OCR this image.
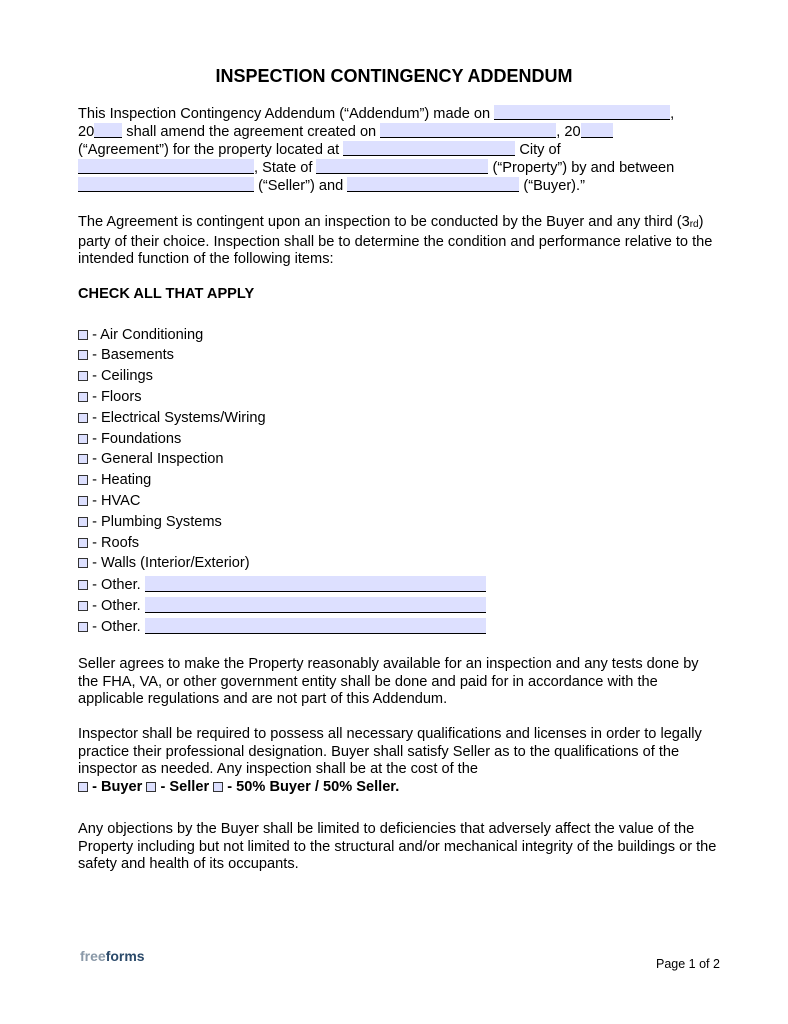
INSPECTION CONTINGENCY ADDENDUM
This Inspection Contingency Addendum (“Addendum”) made on	,
20 shall amend the agreement created on	, 20
(“Agreement”) for the property located at	City of
, State of	(“Property”) by and between
(“Seller”) and	(“Buyer).”
The Agreement is contingent upon an inspection to be conducted by the Buyer and any third $(3_{rd})$ party of their choice. Inspection shall be to determine the condition and performance relative to the intended function of the following items:
CHECK ALL THAT APPLY
- Air Conditioning
- Basements
- Ceilings
- Floors
- Electrical Systems/Wiring
- Foundations
- General Inspection
- Heating
- HVAC
- Plumbing Systems
- Roofs
- Walls (Interior/Exterior)
- Other.
- Other.
- Other.
Seller agrees to make the Property reasonably available for an inspection and any tests done by the FHA, VA, or other government entity shall be done and paid for in accordance with the applicable regulations and are not part of this Addendum.
Inspector shall be required to possess all necessary qualifications and licenses in order to legally practice their professional designation. Buyer shall satisfy Seller as to the qualifications of the inspector as needed. Any inspection shall be at the cost of the
- Buyer - Seller - 50% Buyer / 50% Seller.
Any objections by the Buyer shall be limited to deficiencies that adversely affect the value of the Property including but not limited to the structural and/or mechanical integrity of the buildings or the safety and health of its occupants.
freeforms	Page 1 of 2
